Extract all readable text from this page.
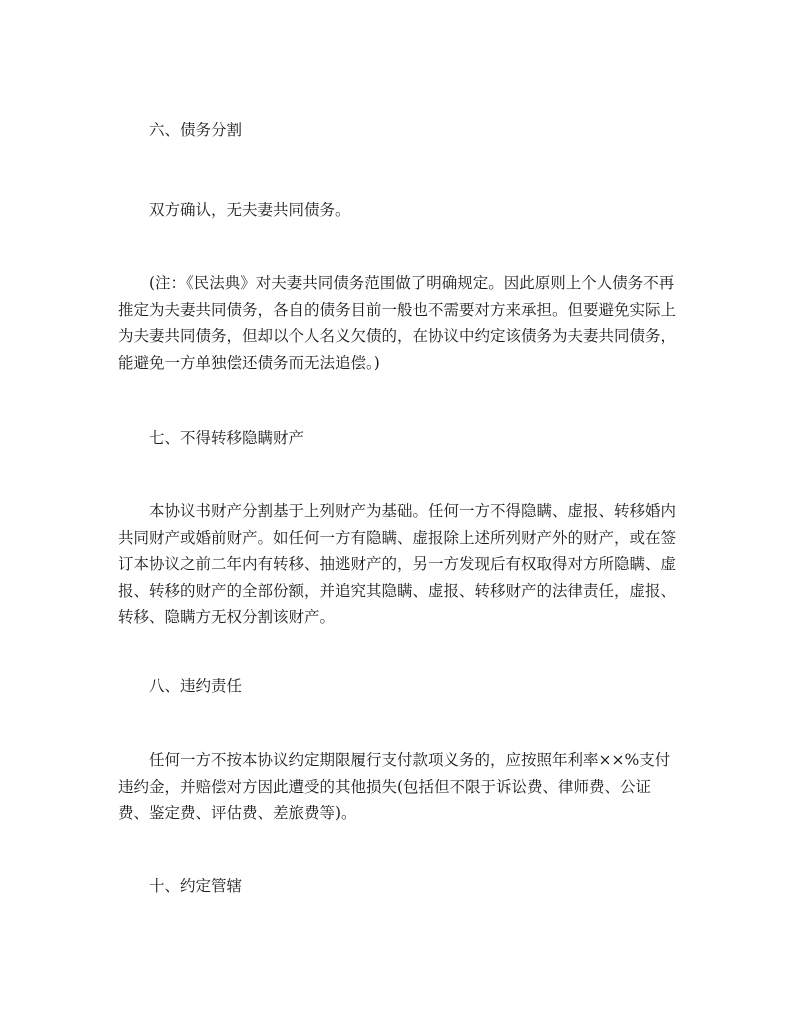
六、债务分割

双方确认，无夫妻共同债务。

(注：《民法典》对夫妻共同债务范围做了明确规定。因此原则上个人债务不再推定为夫妻共同债务，各自的债务目前一般也不需要对方来承担。但要避免实际上为夫妻共同债务，但却以个人名义欠债的，在协议中约定该债务为夫妻共同债务，能避免一方单独偿还债务而无法追偿。)

七、不得转移隐瞒财产

本协议书财产分割基于上列财产为基础。任何一方不得隐瞒、虚报、转移婚内共同财产或婚前财产。如任何一方有隐瞒、虚报除上述所列财产外的财产，或在签订本协议之前二年内有转移、抽逃财产的，另一方发现后有权取得对方所隐瞒、虚报、转移的财产的全部份额，并追究其隐瞒、虚报、转移财产的法律责任，虚报、转移、隐瞒方无权分割该财产。

八、违约责任

任何一方不按本协议约定期限履行支付款项义务的，应按照年利率××%支付违约金，并赔偿对方因此遭受的其他损失(包括但不限于诉讼费、律师费、公证费、鉴定费、评估费、差旅费等)。

十、约定管辖
